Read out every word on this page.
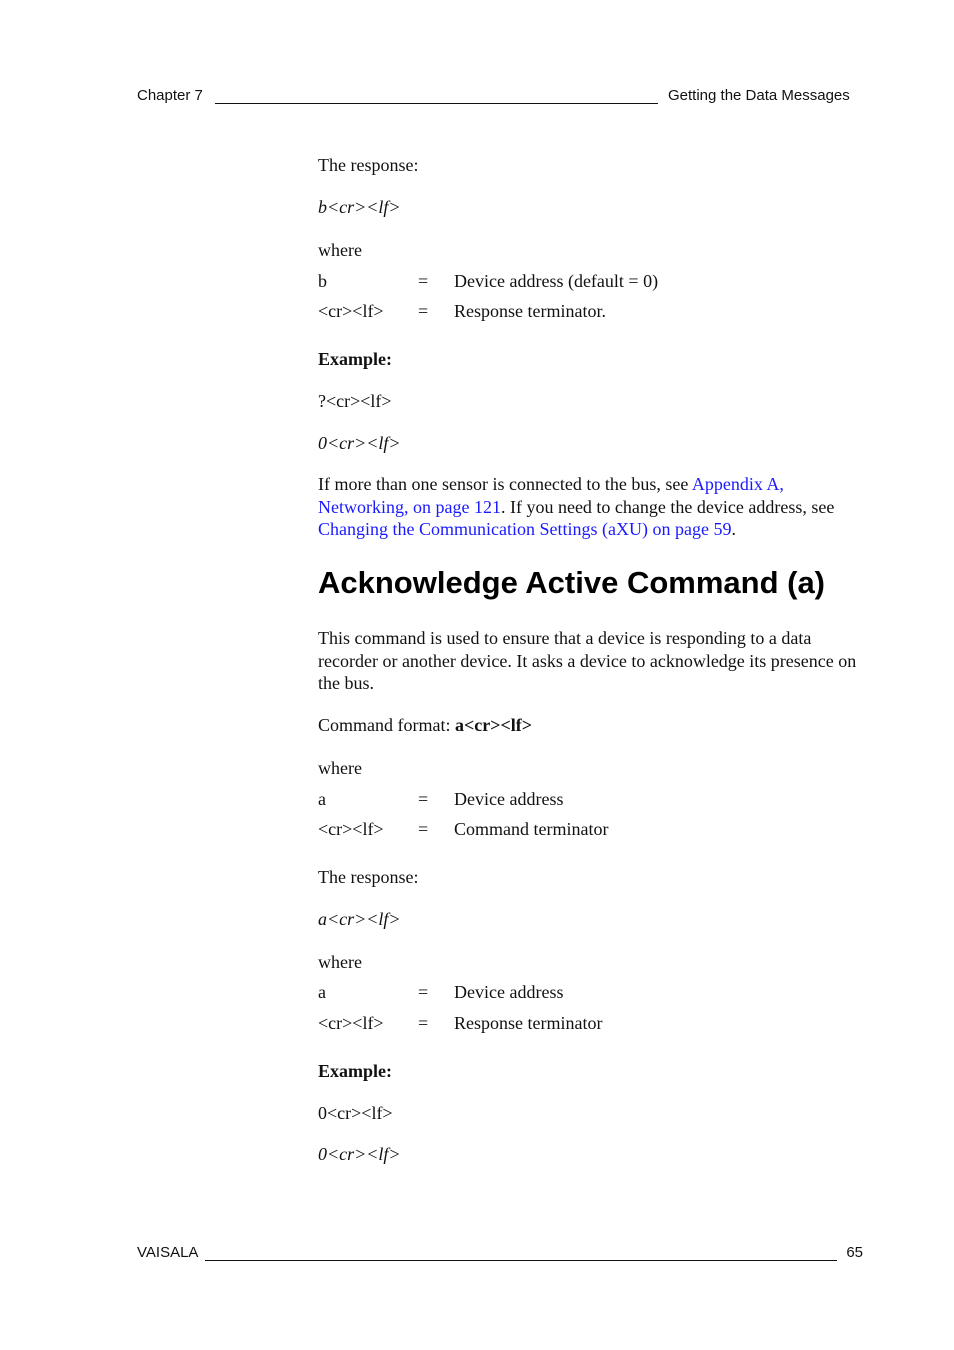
Chapter 7	Getting the Data Messages
The response:
b<cr><lf>
where
b	= Device address (default = 0)
<cr><lf> = Response terminator.
Example:
?<cr><lf>
0<cr><lf>
If more than one sensor is connected to the bus, see Appendix A, Networking, on page 121. If you need to change the device address, see Changing the Communication Settings (aXU) on page 59.
Acknowledge Active Command (a)
This command is used to ensure that a device is responding to a data recorder or another device. It asks a device to acknowledge its presence on the bus.
Command format: a<cr><lf>
where
a	= Device address
<cr><lf> = Command terminator
The response:
a<cr><lf>
where
a	= Device address
<cr><lf> = Response terminator
Example:
0<cr><lf>
0<cr><lf>
VAISALA	65
